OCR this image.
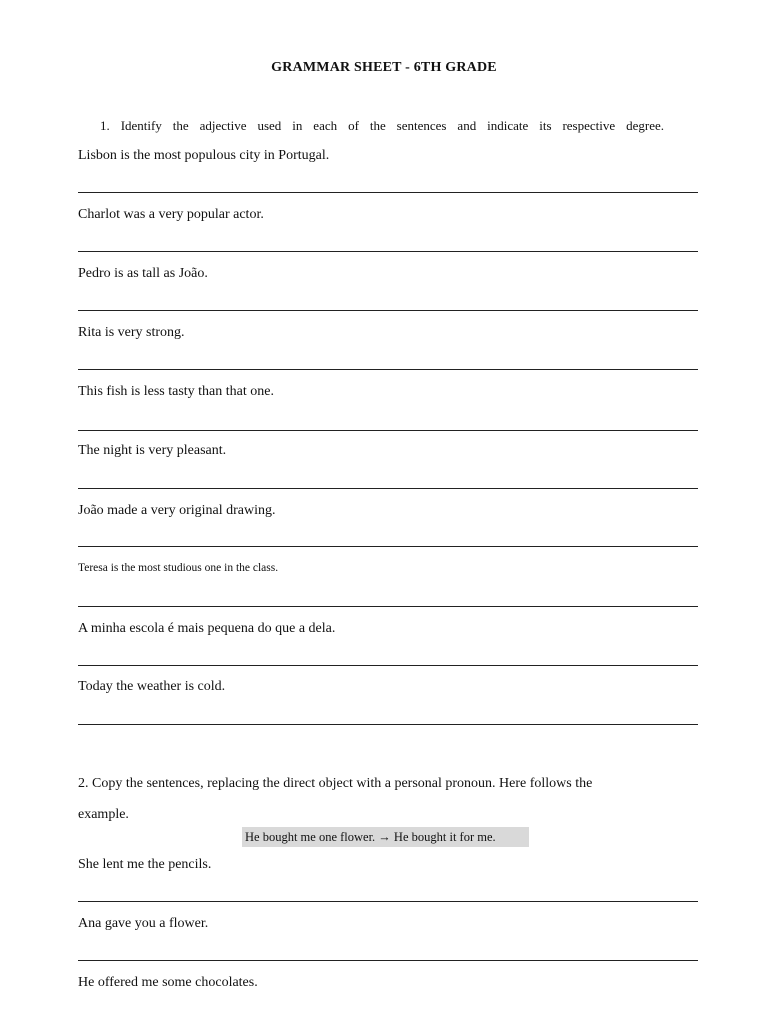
GRAMMAR SHEET - 6TH GRADE
1. Identify the adjective used in each of the sentences and indicate its respective degree.
Lisbon is the most populous city in Portugal.
Charlot was a very popular actor.
Pedro is as tall as João.
Rita is very strong.
This fish is less tasty than that one.
The night is very pleasant.
João made a very original drawing.
Teresa is the most studious one in the class.
A minha escola é mais pequena do que a dela.
Today the weather is cold.
2. Copy the sentences, replacing the direct object with a personal pronoun. Here follows the example.
He bought me one flower. → He bought it for me.
She lent me the pencils.
Ana gave you a flower.
He offered me some chocolates.
